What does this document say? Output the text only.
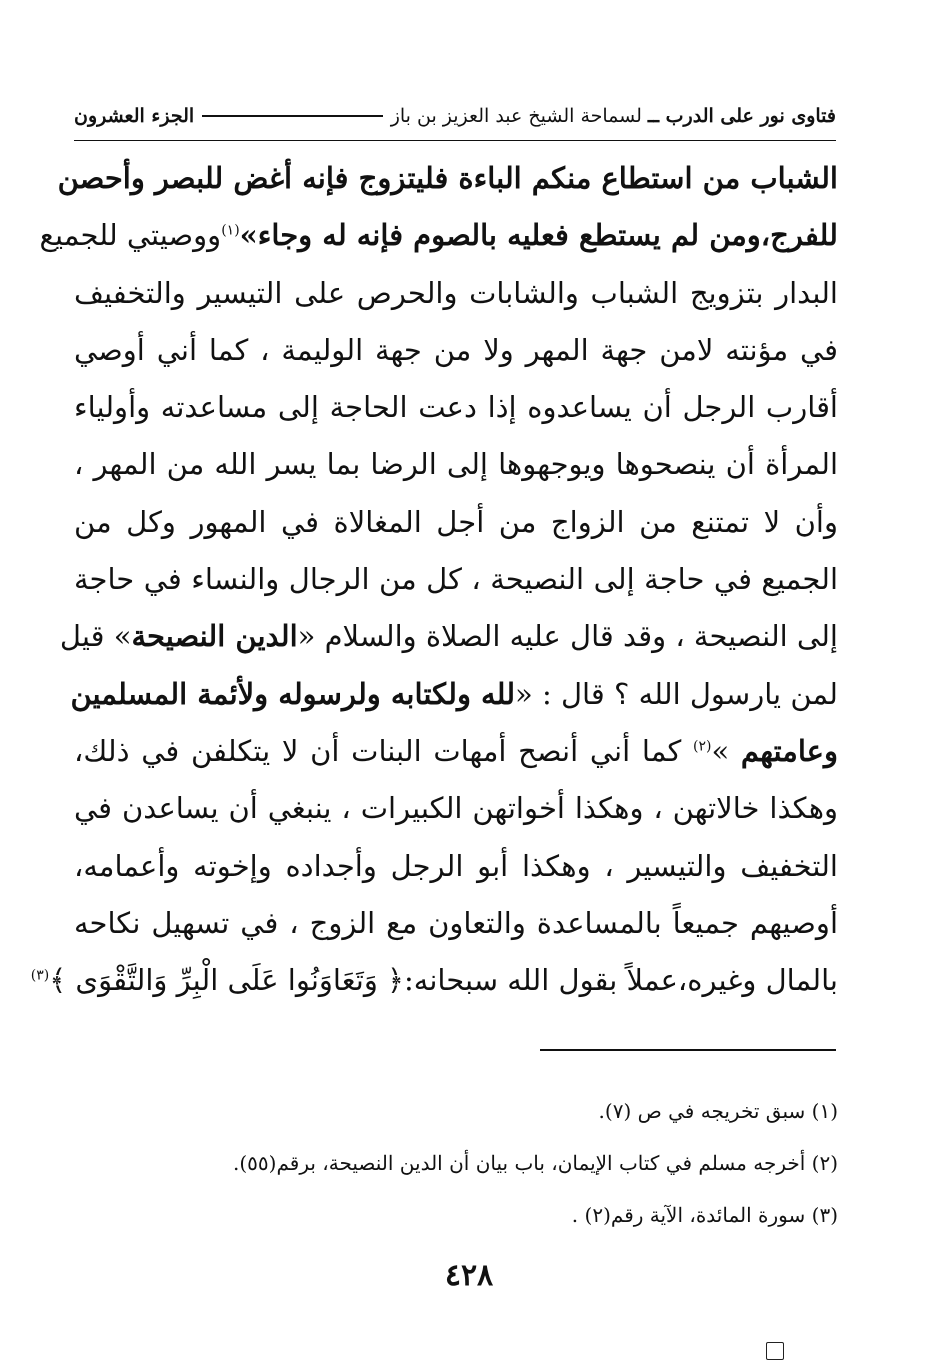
فتاوى نور على الدرب ــ
لسماحة الشيخ عبد العزيز بن باز
الجزء العشرون
الشباب من استطاع منكم الباءة فليتزوج فإنه أغض للبصر وأحصن
للفرج،ومن لم يستطع فعليه بالصوم فإنه له وجاء»$^{(١)}$ووصيتي للجميع
البدار بتزويج الشباب والشابات والحرص على التيسير والتخفيف
في مؤنته لامن جهة المهر ولا من جهة الوليمة ، كما أني أوصي
أقارب الرجل أن يساعدوه إذا دعت الحاجة إلى مساعدته وأولياء
المرأة أن ينصحوها ويوجهوها إلى الرضا بما يسر الله من المهر ،
وأن لا تمتنع من الزواج من أجل المغالاة في المهور وكل من
الجميع في حاجة إلى النصيحة ، كل من الرجال والنساء في حاجة
إلى النصيحة ، وقد قال عليه الصلاة والسلام «الدين النصيحة» قيل
لمن يارسول الله ؟ قال : «لله ولكتابه ولرسوله ولأئمة المسلمين
وعامتهم »$^{(٢)}$ كما أني أنصح أمهات البنات أن لا يتكلفن في ذلك،
وهكذا خالاتهن ، وهكذا أخواتهن الكبيرات ، ينبغي أن يساعدن في
التخفيف والتيسير ، وهكذا أبو الرجل وأجداده وإخوته وأعمامه،
أوصيهم جميعاً بالمساعدة والتعاون مع الزوج ، في تسهيل نكاحه
بالمال وغيره،عملاً بقول الله سبحانه:﴿ وَتَعَاوَنُوا عَلَى الْبِرِّ وَالتَّقْوَى ﴾$^{(٣)}$
(١) سبق تخريجه في ص (٧).
(٢) أخرجه مسلم في كتاب الإيمان، باب بيان أن الدين النصيحة، برقم(٥٥).
(٣) سورة المائدة، الآية رقم(٢) .
٤٢٨
